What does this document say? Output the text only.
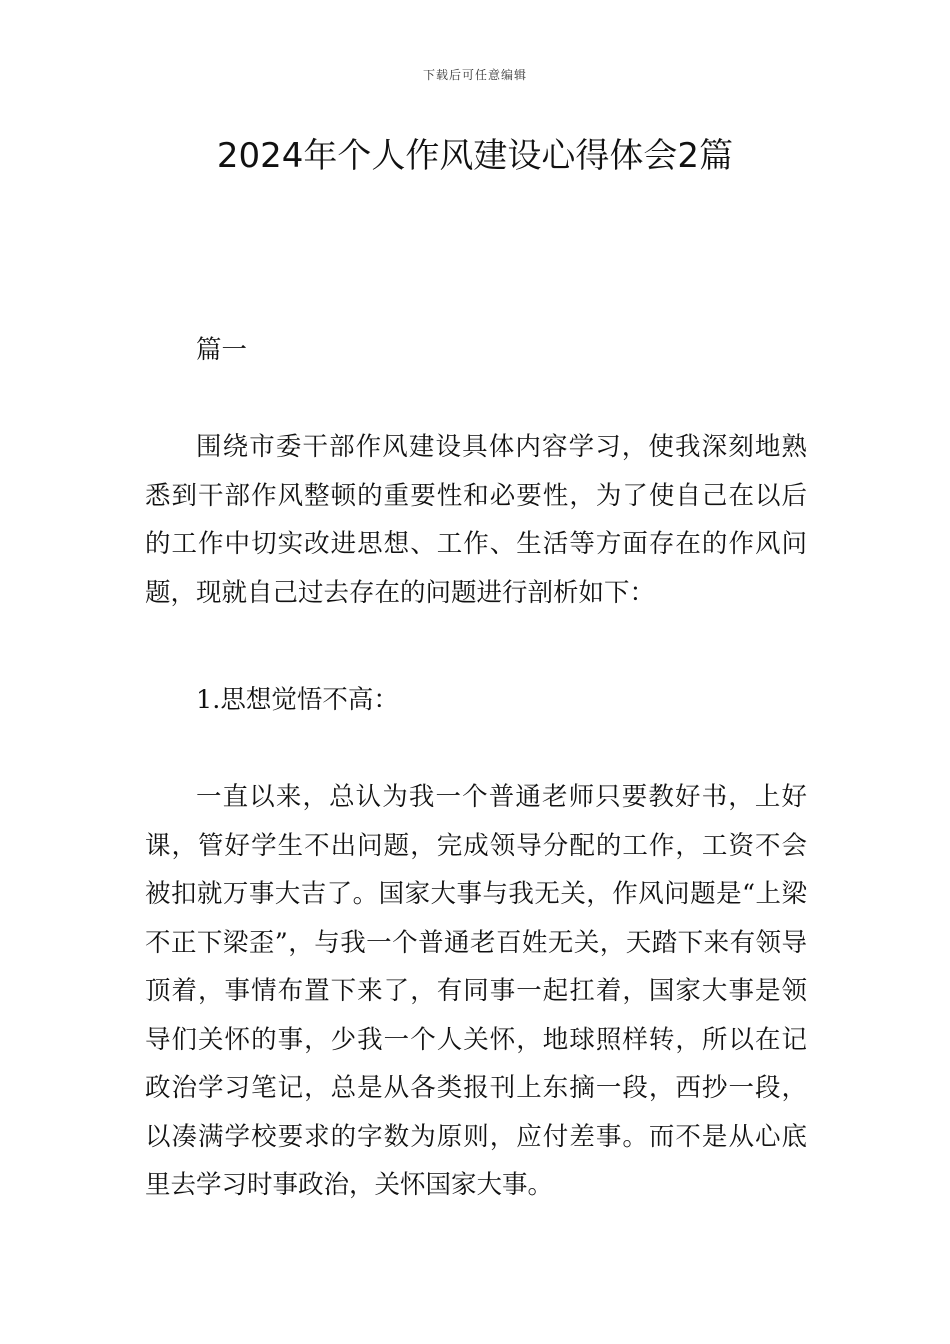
下载后可任意编辑
2024年个人作风建设心得体会2篇

篇一

围绕市委干部作风建设具体内容学习，使我深刻地熟悉到干部作风整顿的重要性和必要性，为了使自己在以后的工作中切实改进思想、工作、生活等方面存在的作风问题，现就自己过去存在的问题进行剖析如下：

1.思想觉悟不高：

一直以来，总认为我一个普通老师只要教好书，上好课，管好学生不出问题，完成领导分配的工作，工资不会被扣就万事大吉了。国家大事与我无关，作风问题是“上梁不正下梁歪”，与我一个普通老百姓无关，天踏下来有领导顶着，事情布置下来了，有同事一起扛着，国家大事是领导们关怀的事，少我一个人关怀，地球照样转，所以在记政治学习笔记，总是从各类报刊上东摘一段，西抄一段，以凑满学校要求的字数为原则，应付差事。而不是从心底里去学习时事政治，关怀国家大事。
